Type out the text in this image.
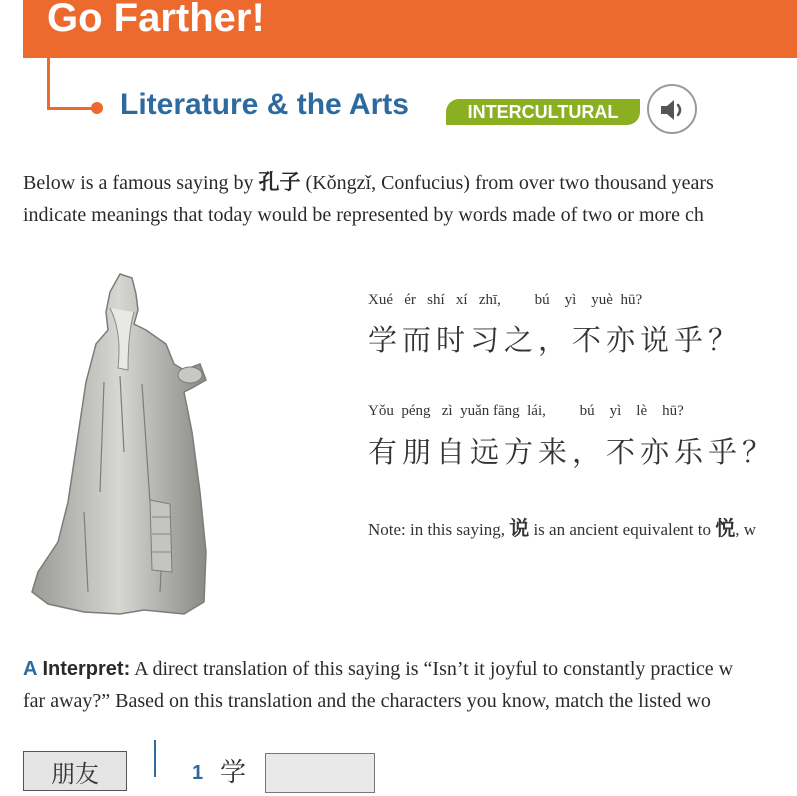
Go Farther!
Literature & the Arts	INTERCULTURAL
Below is a famous saying by 孔子 (Kǒngzǐ, Confucius) from over two thousand years
indicate meanings that today would be represented by words made of two or more ch
Xué   ér   shí   xí   zhī,         bú    yì    yuè  hū?
学而时习之，不亦说乎？
Yǒu  péng   zì  yuǎn fāng  lái,         bú    yì    lè    hū?
有朋自远方来，不亦乐乎？
Note: in this saying, 说 is an ancient equivalent to 悦, w
A Interpret: A direct translation of this saying is “Isn’t it joyful to constantly practice w
far away?” Based on this translation and the characters you know, match the listed wo
朋友	1 学
